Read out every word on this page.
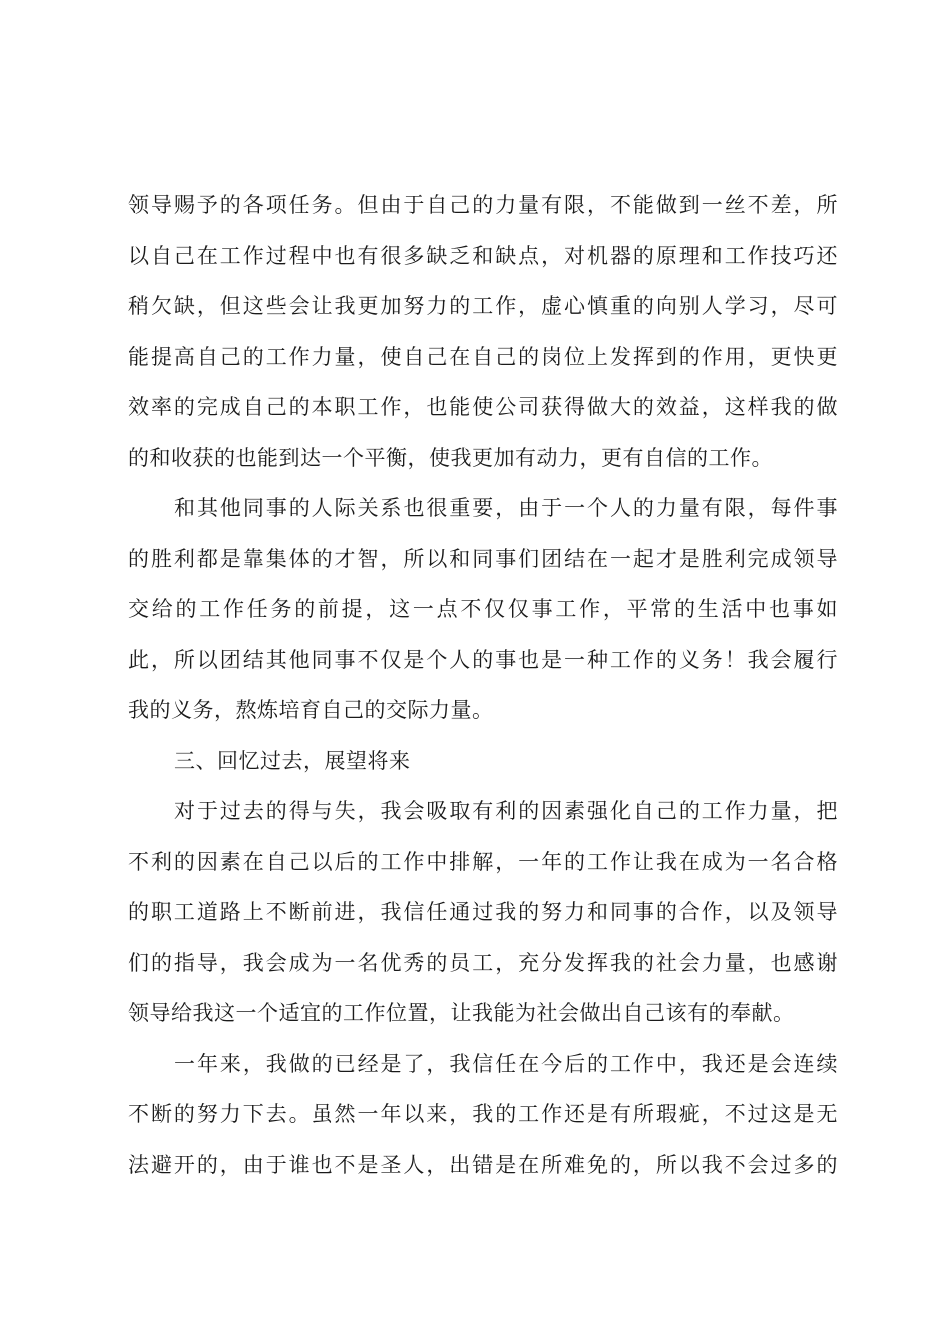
领导赐予的各项任务。但由于自己的力量有限，不能做到一丝不差，所
以自己在工作过程中也有很多缺乏和缺点，对机器的原理和工作技巧还
稍欠缺，但这些会让我更加努力的工作，虚心慎重的向别人学习，尽可
能提高自己的工作力量，使自己在自己的岗位上发挥到的作用，更快更
效率的完成自己的本职工作，也能使公司获得做大的效益，这样我的做
的和收获的也能到达一个平衡，使我更加有动力，更有自信的工作。
和其他同事的人际关系也很重要，由于一个人的力量有限，每件事
的胜利都是靠集体的才智，所以和同事们团结在一起才是胜利完成领导
交给的工作任务的前提，这一点不仅仅事工作，平常的生活中也事如
此，所以团结其他同事不仅是个人的事也是一种工作的义务！我会履行
我的义务，熬炼培育自己的交际力量。
三、回忆过去，展望将来
对于过去的得与失，我会吸取有利的因素强化自己的工作力量，把
不利的因素在自己以后的工作中排解，一年的工作让我在成为一名合格
的职工道路上不断前进，我信任通过我的努力和同事的合作，以及领导
们的指导，我会成为一名优秀的员工，充分发挥我的社会力量，也感谢
领导给我这一个适宜的工作位置，让我能为社会做出自己该有的奉献。
一年来，我做的已经是了，我信任在今后的工作中，我还是会连续
不断的努力下去。虽然一年以来，我的工作还是有所瑕疵，不过这是无
法避开的，由于谁也不是圣人，出错是在所难免的，所以我不会过多的
